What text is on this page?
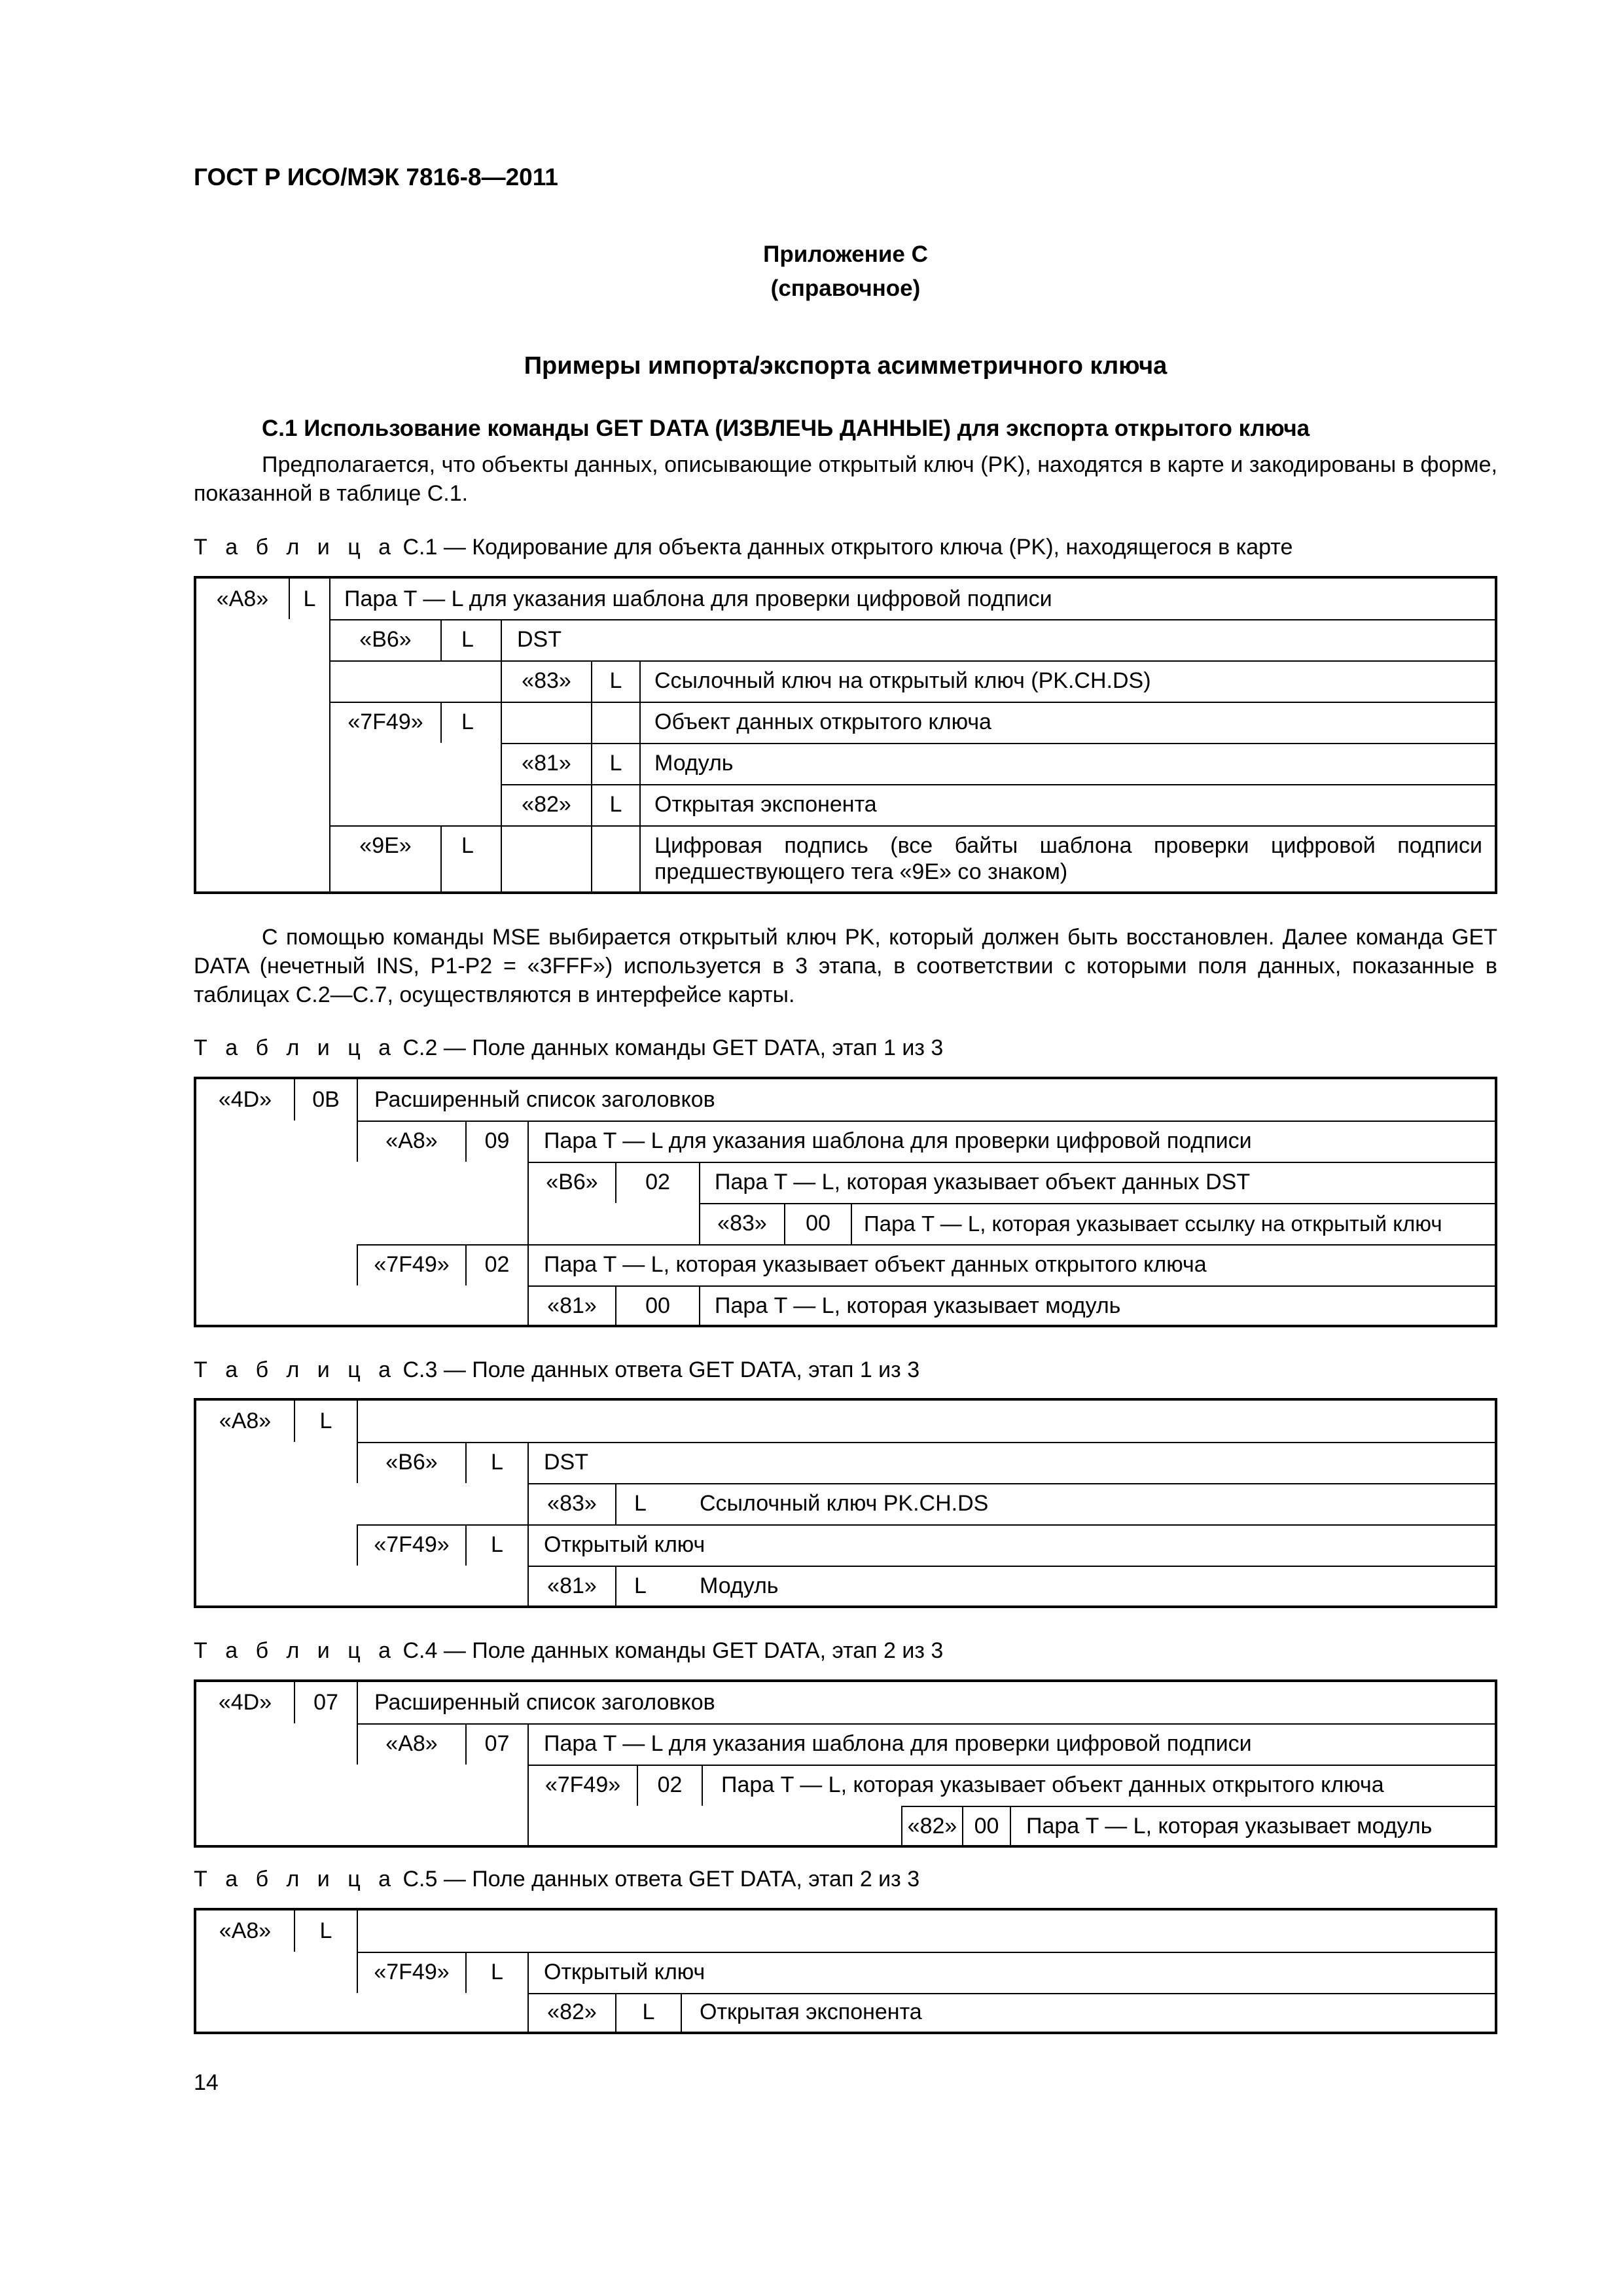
ГОСТ Р ИСО/МЭК 7816-8—2011
Приложение С
(справочное)
Примеры импорта/экспорта асимметричного ключа
С.1 Использование команды GET DATA (ИЗВЛЕЧЬ ДАННЫЕ) для экспорта открытого ключа
Предполагается, что объекты данных, описывающие открытый ключ (PK), находятся в карте и закодированы в форме, показанной в таблице С.1.
Т а б л и ц а С.1 — Кодирование для объекта данных открытого ключа (PK), находящегося в карте
«A8»	L	Пара T — L для указания шаблона для проверки цифровой подписи
«B6»	L DST
«83»	L	Ссылочный ключ на открытый ключ (PK.CH.DS)
«7F49»	L	Объект данных открытого ключа
«81»	L	Модуль
«82»	L	Открытая экспонента
«9E»	L	Цифровая подпись (все байты шаблона проверки цифровой подписи предшествующего тега «9E» со знаком)
С помощью команды MSE выбирается открытый ключ PK, который должен быть восстановлен. Далее команда GET DATA (нечетный INS, P1-P2 = «3FFF») используется в 3 этапа, в соответствии с которыми поля данных, показанные в таблицах С.2—С.7, осуществляются в интерфейсе карты.
Т а б л и ц а С.2 — Поле данных команды GET DATA, этап 1 из 3
«4D»	0B	Расширенный список заголовков
«A8»	09	Пара T — L для указания шаблона для проверки цифровой подписи
«B6»	02	Пара T — L, которая указывает объект данных DST
«83»	00	Пара T — L, которая указывает ссылку на открытый ключ
«7F49»	02	Пара T — L, которая указывает объект данных открытого ключа
«81»	00	Пара T — L, которая указывает модуль
Т а б л и ц а С.3 — Поле данных ответа GET DATA, этап 1 из 3
«A8»	L
«B6»	L	DST
«83»	L Ссылочный ключ PK.CH.DS
«7F49»	L	Открытый ключ
«81»	L Модуль
Т а б л и ц а С.4 — Поле данных команды GET DATA, этап 2 из 3
«4D»	07	Расширенный список заголовков
«A8»	07	Пара T — L для указания шаблона для проверки цифровой подписи
«7F49»	02	Пара T — L, которая указывает объект данных открытого ключа
«82» 00	Пара T — L, которая указывает модуль
Т а б л и ц а С.5 — Поле данных ответа GET DATA, этап 2 из 3
«A8»	L
«7F49»	L	Открытый ключ
«82»	L	Открытая экспонента
14
